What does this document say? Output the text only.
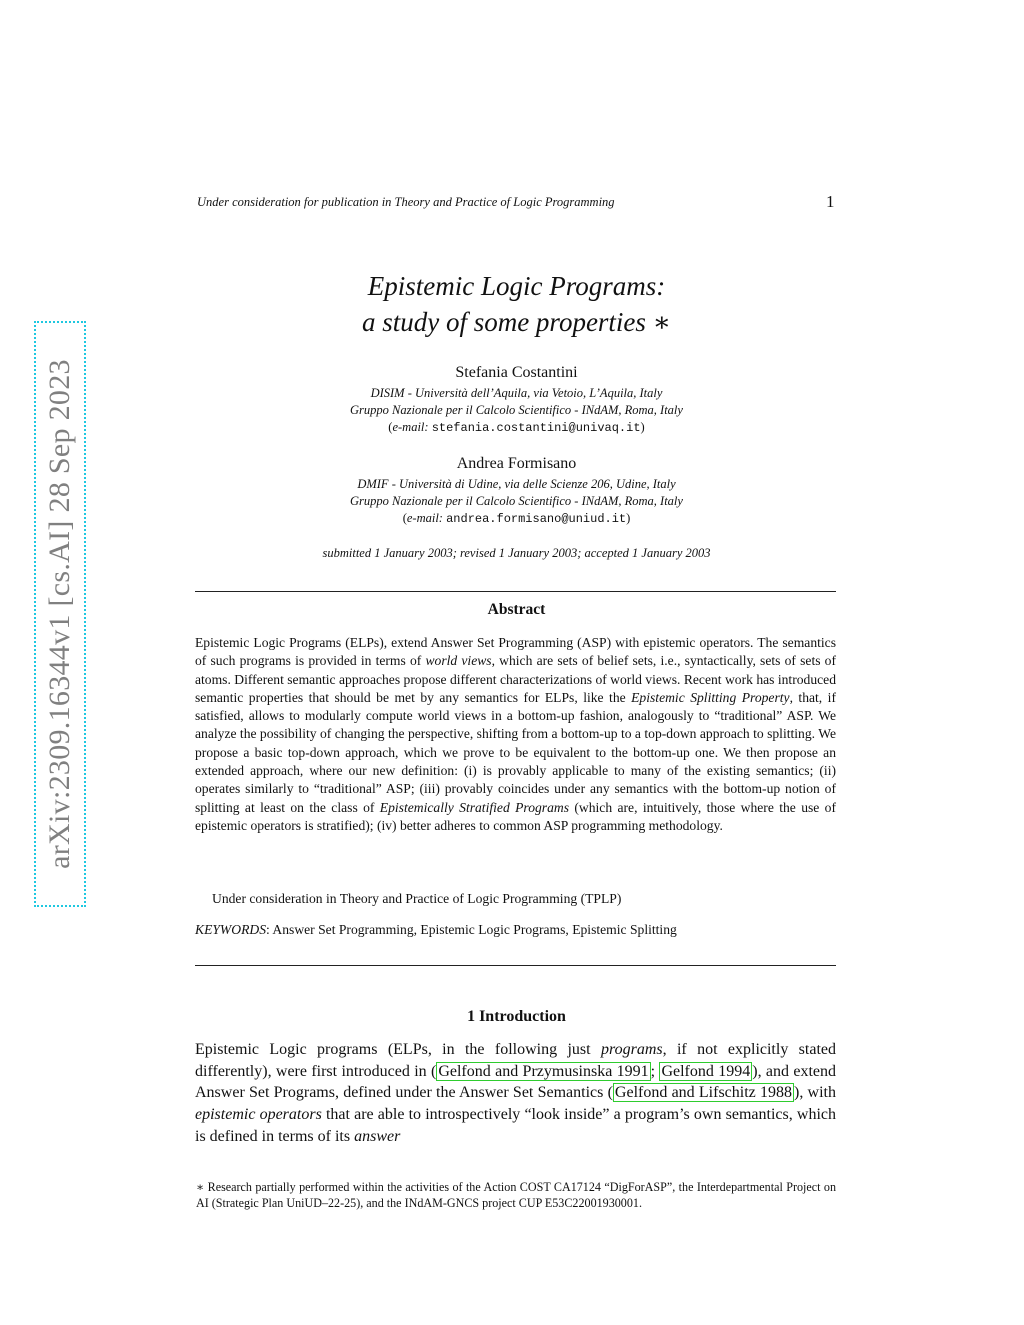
Under consideration for publication in Theory and Practice of Logic Programming	1
arXiv:2309.16344v1 [cs.AI] 28 Sep 2023
Epistemic Logic Programs:
a study of some properties ∗
Stefania Costantini
DISIM - Università dell’Aquila, via Vetoio, L’Aquila, Italy
Gruppo Nazionale per il Calcolo Scientifico - INdAM, Roma, Italy
(e-mail: stefania.costantini@univaq.it)
Andrea Formisano
DMIF - Università di Udine, via delle Scienze 206, Udine, Italy
Gruppo Nazionale per il Calcolo Scientifico - INdAM, Roma, Italy
(e-mail: andrea.formisano@uniud.it)
submitted 1 January 2003; revised 1 January 2003; accepted 1 January 2003
Abstract
Epistemic Logic Programs (ELPs), extend Answer Set Programming (ASP) with epistemic operators. The semantics of such programs is provided in terms of world views, which are sets of belief sets, i.e., syntactically, sets of sets of atoms. Different semantic approaches propose different characterizations of world views. Recent work has introduced semantic properties that should be met by any semantics for ELPs, like the Epistemic Splitting Property, that, if satisfied, allows to modularly compute world views in a bottom-up fashion, analogously to “traditional” ASP. We analyze the possibility of changing the perspective, shifting from a bottom-up to a top-down approach to splitting. We propose a basic top-down approach, which we prove to be equivalent to the bottom-up one. We then propose an extended approach, where our new definition: (i) is provably applicable to many of the existing semantics; (ii) operates similarly to “traditional” ASP; (iii) provably coincides under any semantics with the bottom-up notion of splitting at least on the class of Epistemically Stratified Programs (which are, intuitively, those where the use of epistemic operators is stratified); (iv) better adheres to common ASP programming methodology.
Under consideration in Theory and Practice of Logic Programming (TPLP)
KEYWORDS: Answer Set Programming, Epistemic Logic Programs, Epistemic Splitting
1 Introduction
Epistemic Logic programs (ELPs, in the following just programs, if not explicitly stated differently), were first introduced in ( Gelfond and Przymusinska 1991 ; Gelfond 1994 ), and extend Answer Set Programs, defined under the Answer Set Semantics ( Gelfond and Lifschitz 1988 ), with epistemic operators that are able to introspectively “look inside” a program’s own semantics, which is defined in terms of its answer
∗ Research partially performed within the activities of the Action COST CA17124 “DigForASP”, the Interdepartmental Project on AI (Strategic Plan UniUD–22-25), and the INdAM-GNCS project CUP E53C22001930001.
